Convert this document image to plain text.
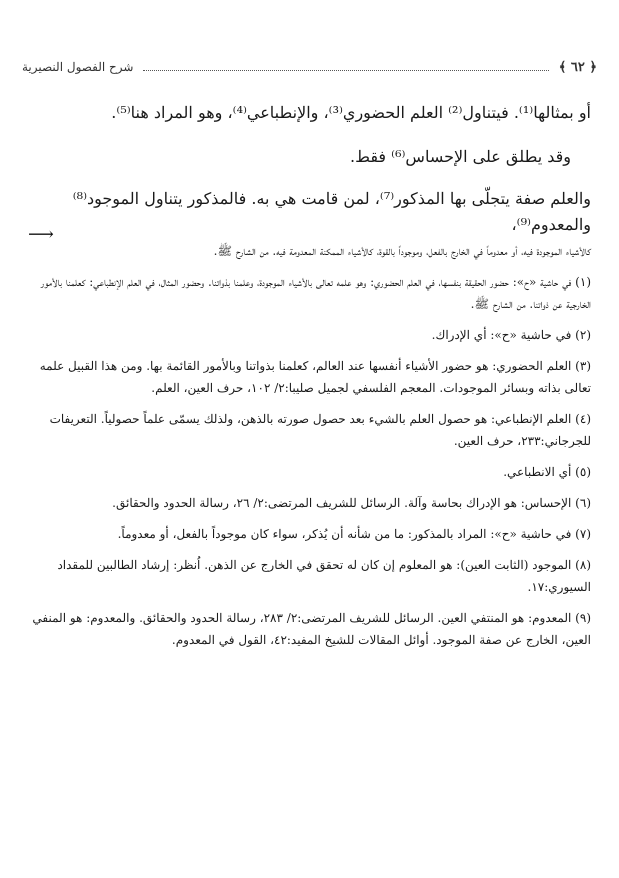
﴿ ٦٢ ﴾
شرح الفصول النصيرية

أو بمثالها⁽¹⁾. فيتناول⁽²⁾ العلم الحضوري⁽³⁾، والإنطباعي⁽⁴⁾، وهو المراد هنا⁽⁵⁾.

وقد يطلق على الإحساس⁽⁶⁾ فقط.

والعلم صفة يتجلّى بها المذكور⁽⁷⁾، لمن قامت هي به. فالمذكور يتناول الموجود⁽⁸⁾ والمعدوم⁽⁹⁾،

⟶

كالأشياء الموجودة فيه، أو معدوماً في الخارج بالفعل، وموجوداً بالقوة، كالأشياء الممكنة المعدومة فيه. من الشارح ﷺ.

(١) في حاشية «ح»: حضور الحقيقة بنفسها، في العلم الحضوري: وهو علمه تعالى بالأشياء الموجودة، وعلمنا بذواتنا. وحضور المثال، في العلم الإنطباعي: كعلمنا بالأمور الخارجية عن ذواتنا. من الشارح ﷺ.

(٢) في حاشية «ح»: أي الإدراك.

(٣) العلم الحضوري: هو حضور الأشياء أنفسها عند العالم، كعلمنا بذواتنا وبالأمور القائمة بها. ومن هذا القبيل علمه تعالى بذاته وبسائر الموجودات. المعجم الفلسفي لجميل صليبا:٢/ ١٠٢، حرف العين، العلم.

(٤) العلم الإنطباعي: هو حصول العلم بالشيء بعد حصول صورته بالذهن، ولذلك يسمّى علماً حصولياً. التعريفات للجرجاني:٢٣٣، حرف العين.

(٥) أي الانطباعي.

(٦) الإحساس: هو الإدراك بحاسة وآلة. الرسائل للشريف المرتضى:٢/ ٢٦، رسالة الحدود والحقائق.

(٧) في حاشية «ح»: المراد بالمذكور: ما من شأنه أن يُذكر، سواء كان موجوداً بالفعل، أو معدوماً.

(٨) الموجود (الثابت العين): هو المعلوم إن كان له تحقق في الخارج عن الذهن. اُنظر: إرشاد الطالبين للمقداد السيوري:١٧.

(٩) المعدوم: هو المنتفي العين. الرسائل للشريف المرتضى:٢/ ٢٨٣، رسالة الحدود والحقائق. والمعدوم: هو المنفي العين، الخارج عن صفة الموجود. أوائل المقالات للشيخ المفيد:٤٢، القول في المعدوم.
